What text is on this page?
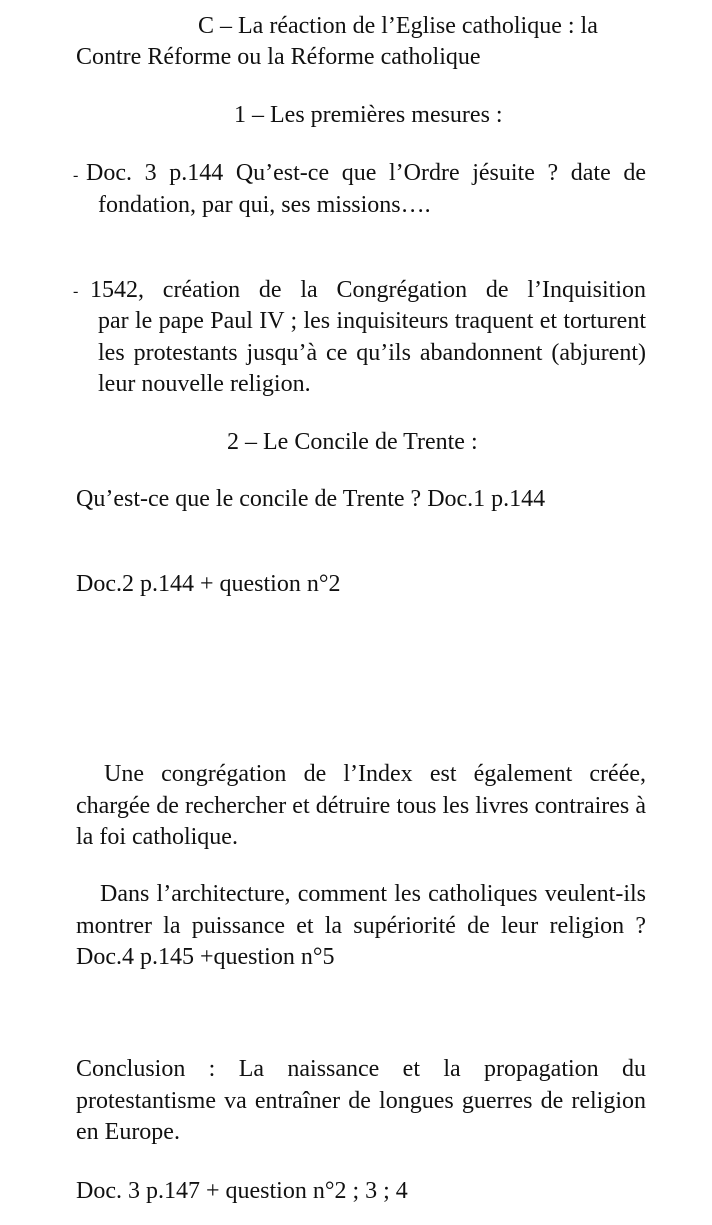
C – La réaction de l’Eglise catholique : la
Contre Réforme ou la Réforme catholique
1 – Les premières mesures :
- Doc. 3 p.144 Qu’est-ce que l’Ordre jésuite ? date de
fondation, par qui, ses missions….
- 1542, création de la Congrégation de l’Inquisition
par le pape Paul IV ; les inquisiteurs traquent et torturent les protestants jusqu’à ce qu’ils abandonnent (abjurent) leur nouvelle religion.
2 – Le Concile de Trente :
Qu’est-ce que le concile de Trente ? Doc.1 p.144
Doc.2 p.144 + question n°2
Une congrégation de l’Index est également créée, chargée de rechercher et détruire tous les livres contraires à la foi catholique.
Dans l’architecture, comment les catholiques veulent-ils montrer la puissance et la supériorité de leur religion ? Doc.4 p.145 +question n°5
Conclusion : La naissance et la propagation du protestantisme va entraîner de longues guerres de religion en Europe.
Doc. 3 p.147 + question n°2 ; 3 ; 4
